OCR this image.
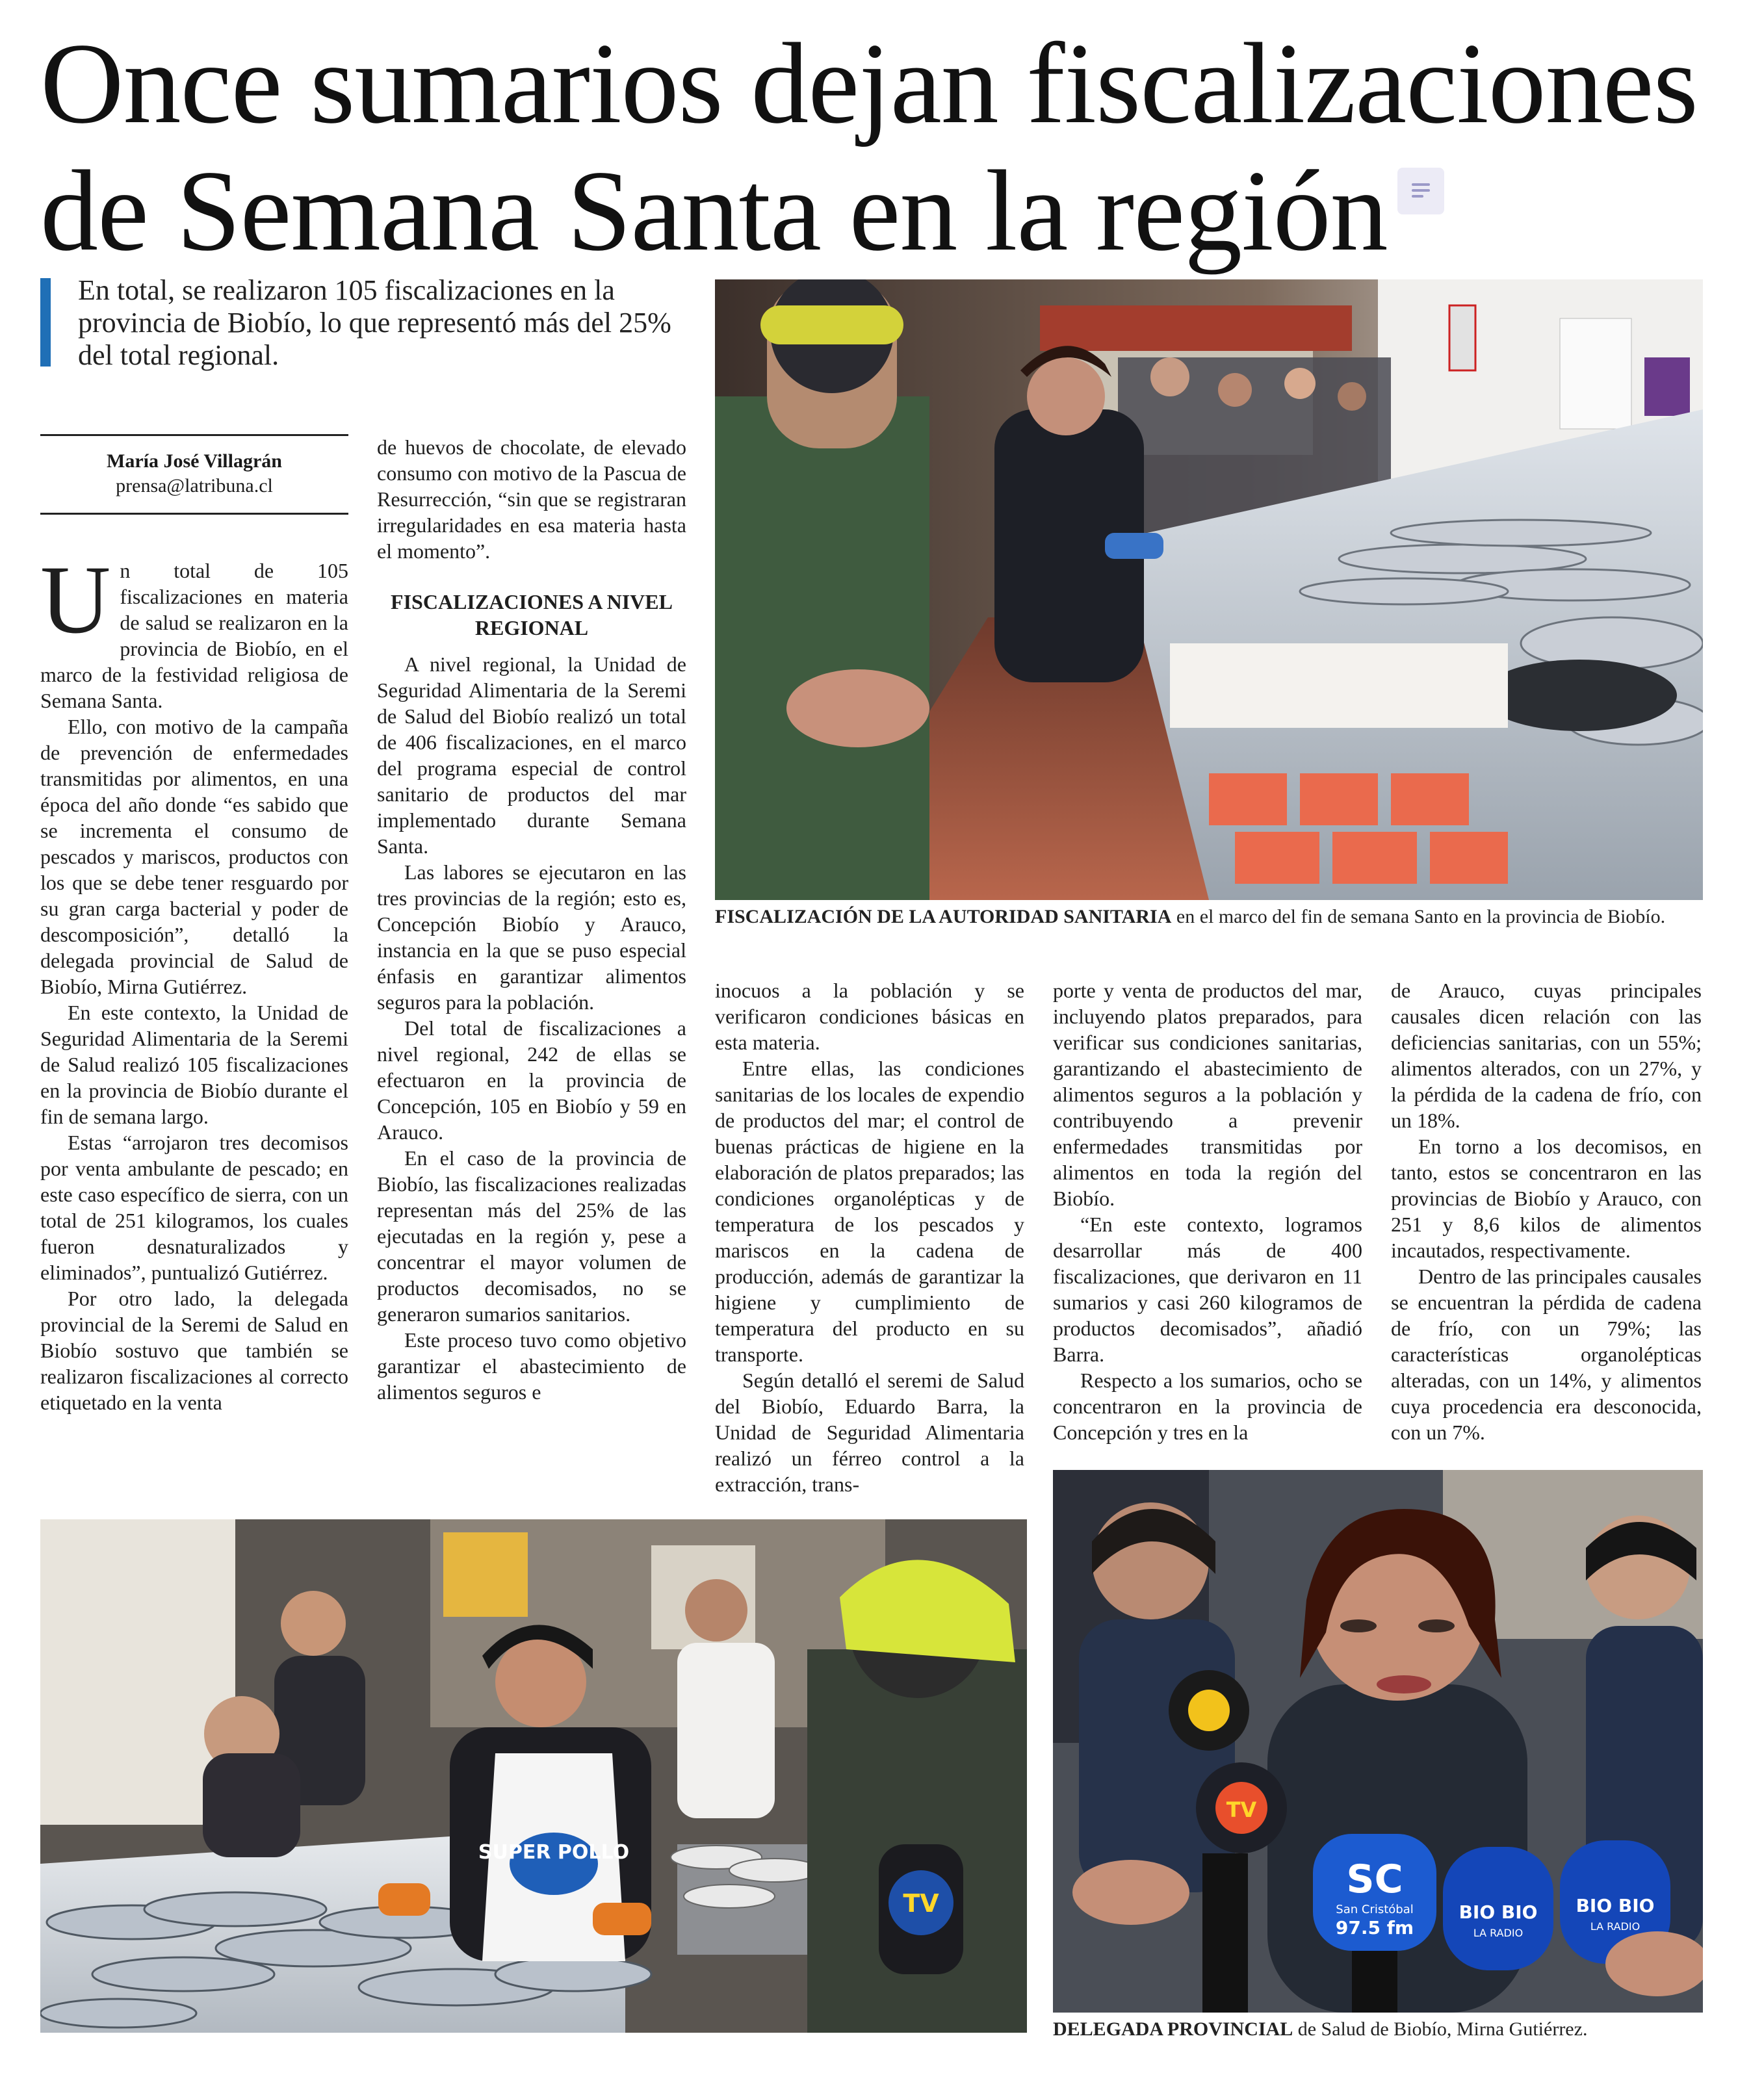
Once sumarios dejan fiscalizaciones
de Semana Santa en la región
En total, se realizaron 105 fiscalizaciones en la provincia de Biobío, lo que representó más del 25% del total regional.
María José Villagrán
prensa@latribuna.cl

Un total de 105 fiscalizaciones en materia de salud se realizaron en la provincia de Biobío, en el marco de la festividad religiosa de Semana Santa.

Ello, con motivo de la campaña de prevención de enfermedades transmitidas por alimentos, en una época del año donde “es sabido que se incrementa el consumo de pescados y mariscos, productos con los que se debe tener resguardo por su gran carga bacterial y poder de descomposición”, detalló la delegada provincial de Salud de Biobío, Mirna Gutiérrez.

En este contexto, la Unidad de Seguridad Alimentaria de la Seremi de Salud realizó 105 fiscalizaciones en la provincia de Biobío durante el fin de semana largo.

Estas “arrojaron tres decomisos por venta ambulante de pescado; en este caso específico de sierra, con un total de 251 kilogramos, los cuales fueron desnaturalizados y eliminados”, puntualizó Gutiérrez.

Por otro lado, la delegada provincial de la Seremi de Salud en Biobío sostuvo que también se realizaron fiscalizaciones al correcto etiquetado en la venta

de huevos de chocolate, de elevado consumo con motivo de la Pascua de Resurrección, “sin que se registraran irregularidades en esa materia hasta el momento”.

FISCALIZACIONES A NIVEL REGIONAL

A nivel regional, la Unidad de Seguridad Alimentaria de la Seremi de Salud del Biobío realizó un total de 406 fiscalizaciones, en el marco del programa especial de control sanitario de productos del mar implementado durante Semana Santa.

Las labores se ejecutaron en las tres provincias de la región; esto es, Concepción Biobío y Arauco, instancia en la que se puso especial énfasis en garantizar alimentos seguros para la población.

Del total de fiscalizaciones a nivel regional, 242 de ellas se efectuaron en la provincia de Concepción, 105 en Biobío y 59 en Arauco.

En el caso de la provincia de Biobío, las fiscalizaciones realizadas representan más del 25% de las ejecutadas en la región y, pese a concentrar el mayor volumen de productos decomisados, no se generaron sumarios sanitarios.

Este proceso tuvo como objetivo garantizar el abastecimiento de alimentos seguros e

inocuos a la población y se verificaron condiciones básicas en esta materia.

Entre ellas, las condiciones sanitarias de los locales de expendio de productos del mar; el control de buenas prácticas de higiene en la elaboración de platos preparados; las condiciones organolépticas y de temperatura de los pescados y mariscos en la cadena de producción, además de garantizar la higiene y cumplimiento de temperatura del producto en su transporte.

Según detalló el seremi de Salud del Biobío, Eduardo Barra, la Unidad de Seguridad Alimentaria realizó un férreo control a la extracción, trans-

porte y venta de productos del mar, incluyendo platos preparados, para verificar sus condiciones sanitarias, garantizando el abastecimiento de alimentos seguros a la población y contribuyendo a prevenir enfermedades transmitidas por alimentos en toda la región del Biobío.

“En este contexto, logramos desarrollar más de 400 fiscalizaciones, que derivaron en 11 sumarios y casi 260 kilogramos de productos decomisados”, añadió Barra.

Respecto a los sumarios, ocho se concentraron en la provincia de Concepción y tres en la

de Arauco, cuyas principales causales dicen relación con las deficiencias sanitarias, con un 55%; alimentos alterados, con un 27%, y la pérdida de la cadena de frío, con un 18%.

En torno a los decomisos, en tanto, estos se concentraron en las provincias de Biobío y Arauco, con 251 y 8,6 kilos de alimentos incautados, respectivamente.

Dentro de las principales causales se encuentran la pérdida de cadena de frío, con un 79%; las características organolépticas alteradas, con un 14%, y alimentos cuya procedencia era desconocida, con un 7%.

FISCALIZACIÓN DE LA AUTORIDAD SANITARIA en el marco del fin de semana Santo en la provincia de Biobío.
SUPER POLLO
TV
TV
SC
San Cristóbal
97.5 fm
BIO BIO
LA RADIO
BIO BIO
LA RADIO
DELEGADA PROVINCIAL de Salud de Biobío, Mirna Gutiérrez.
